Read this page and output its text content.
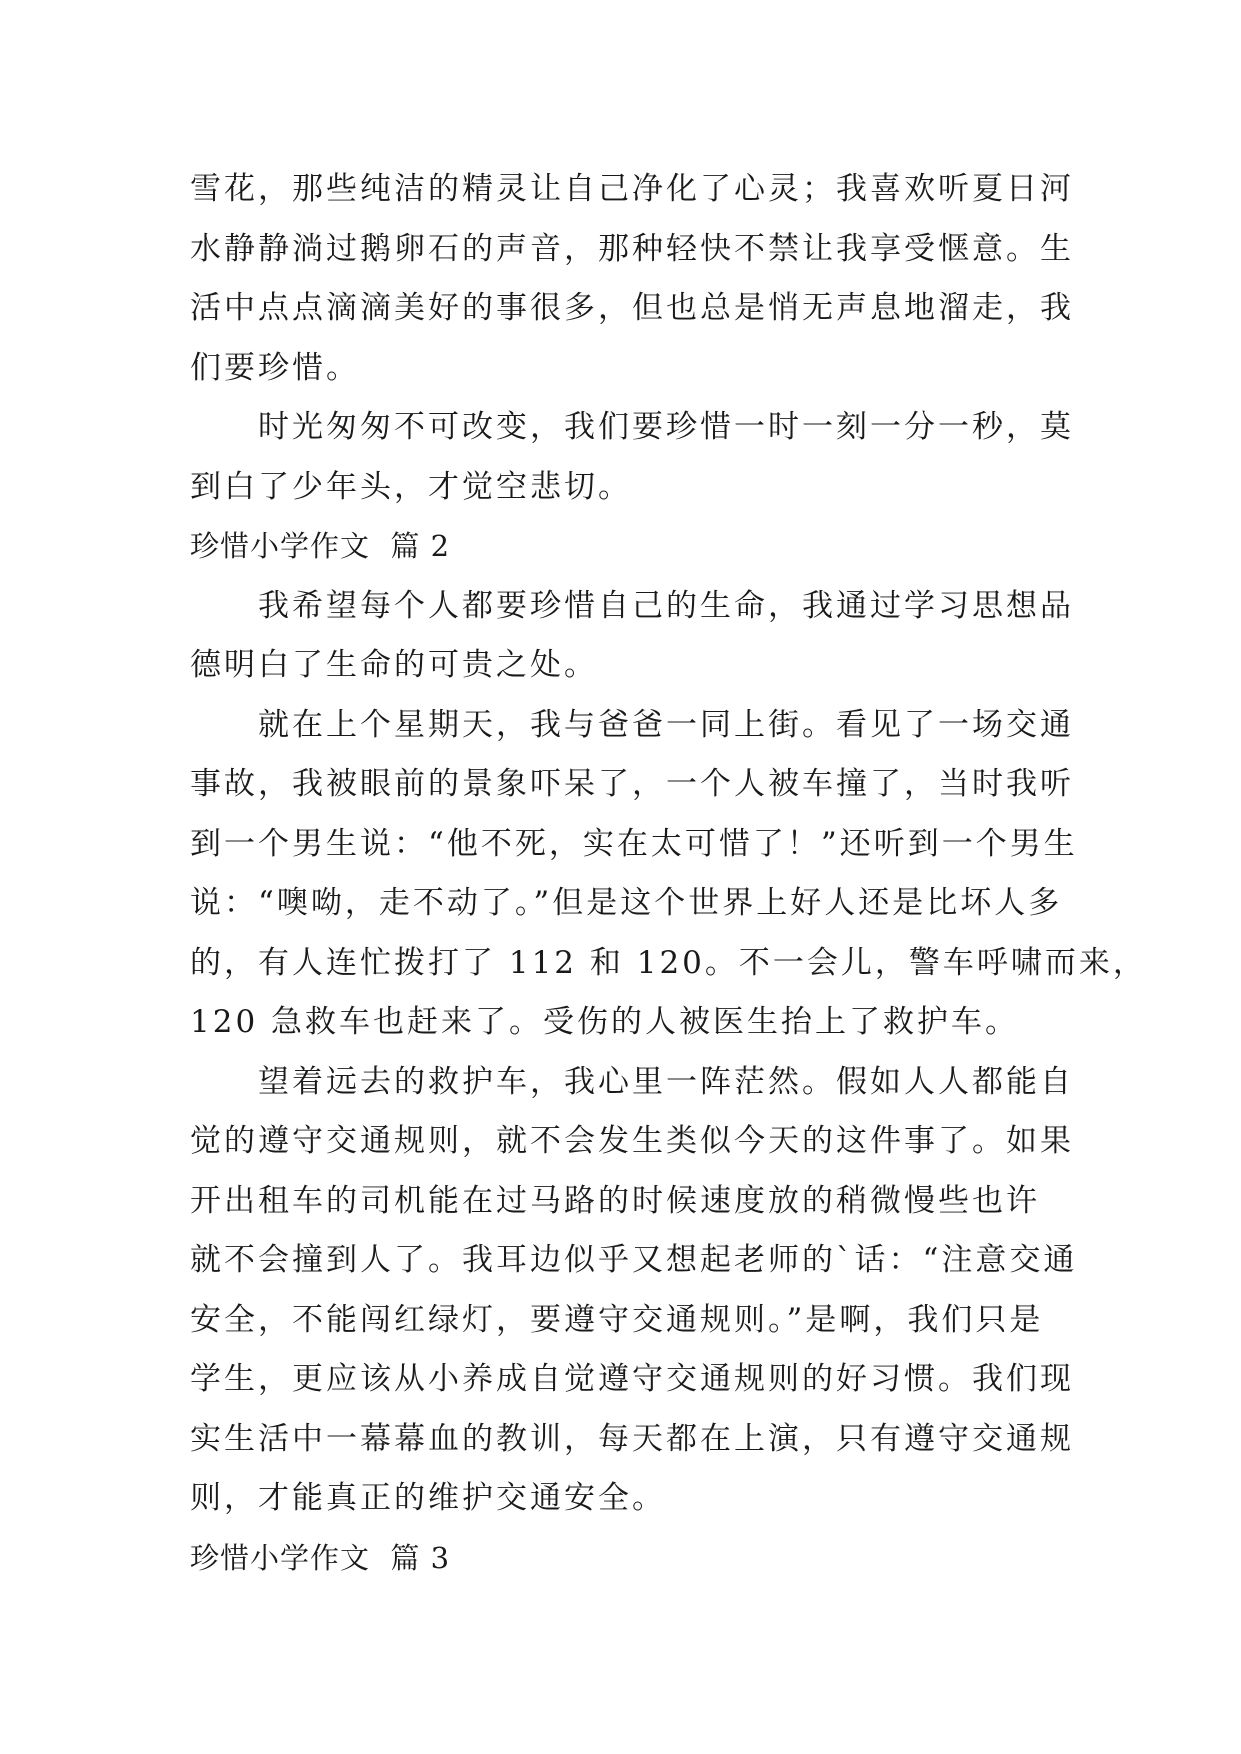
雪花，那些纯洁的精灵让自己净化了心灵；我喜欢听夏日河
水静静淌过鹅卵石的声音，那种轻快不禁让我享受惬意。生
活中点点滴滴美好的事很多，但也总是悄无声息地溜走，我
们要珍惜。
时光匆匆不可改变，我们要珍惜一时一刻一分一秒，莫
到白了少年头，才觉空悲切。
珍惜小学作文  篇 2
我希望每个人都要珍惜自己的生命，我通过学习思想品
德明白了生命的可贵之处。
就在上个星期天，我与爸爸一同上街。看见了一场交通
事故，我被眼前的景象吓呆了，一个人被车撞了，当时我听
到一个男生说：“他不死，实在太可惜了！”还听到一个男生
说：“噢呦，走不动了。”但是这个世界上好人还是比坏人多
的，有人连忙拨打了 112 和 120。不一会儿，警车呼啸而来，
120 急救车也赶来了。受伤的人被医生抬上了救护车。
望着远去的救护车，我心里一阵茫然。假如人人都能自
觉的遵守交通规则，就不会发生类似今天的这件事了。如果
开出租车的司机能在过马路的时候速度放的稍微慢些也许
就不会撞到人了。我耳边似乎又想起老师的`话：“注意交通
安全，不能闯红绿灯，要遵守交通规则。”是啊，我们只是
学生，更应该从小养成自觉遵守交通规则的好习惯。我们现
实生活中一幕幕血的教训，每天都在上演，只有遵守交通规
则，才能真正的维护交通安全。
珍惜小学作文  篇 3
